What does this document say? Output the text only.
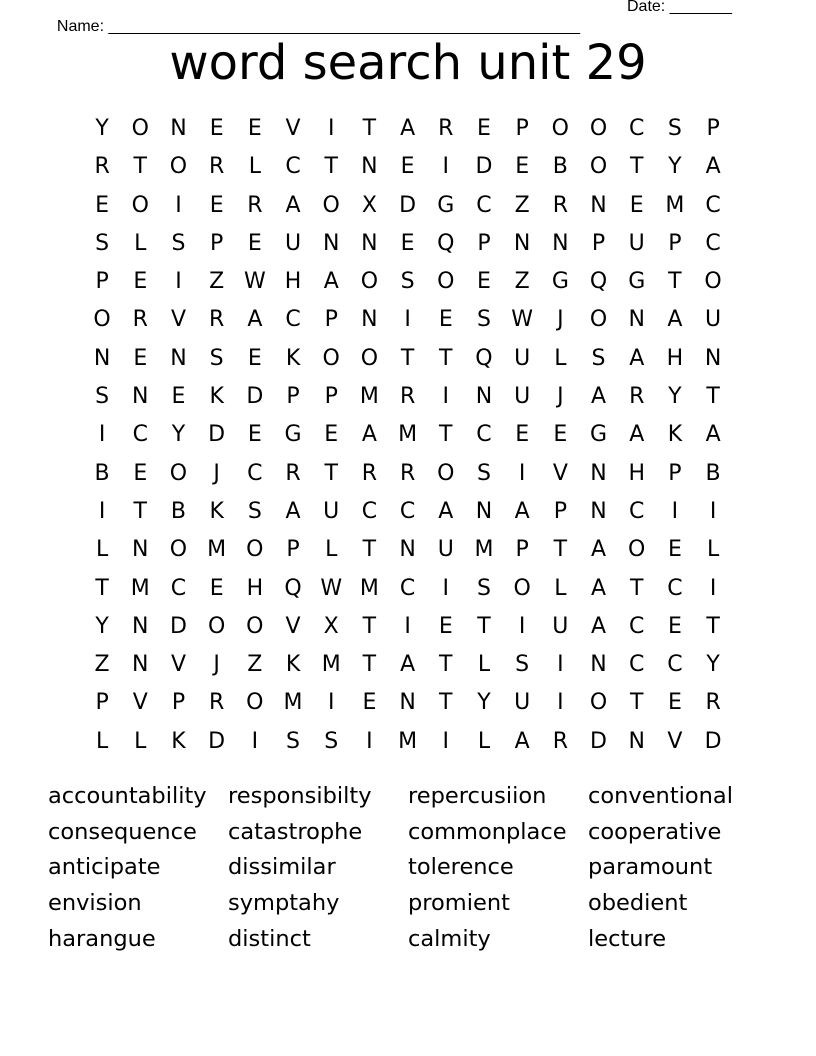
Name: _____________________________________________________

Date: _______

word search unit 29
Y	O N	E	E	V	I	T	A	R	E	P	O O C	S	P
R	T	O R	L	C	T	N	E	I	D	E	B O	T	Y	A
E	O	I	E	R	A O X	D G C	Z	R	N	E M C
S	L	S	P	E	U N N	E	Q	P	N N	P	U	P	C
P	E	I	Z W H	A O	S	O	E	Z	G Q G	T	O
O R	V	R	A	C	P	N	I	E	S W	J	O N	A	U
N	E	N	S	E	K	O O	T	T	Q U	L	S	A	H N
S	N	E	K	D	P	P	M R	I	N U	J	A	R	Y	T
I	C	Y	D	E	G	E	A M T	C	E	E	G	A	K	A
B	E	O	J	C	R	T	R	R O	S	I	V	N H	P	B
I	T	B	K	S	A	U	C	C	A	N	A	P	N	C	I	I
L	N O M O	P	L	T	N U M	P	T	A O	E	L
T M C	E	H Q W M C	I	S	O	L	A	T	C	I
Y	N D O O	V	X	T	I	E	T	I	U	A	C	E	T
Z	N	V	J	Z	K M T	A	T	L	S	I	N	C	C	Y
P	V	P	R O M	I	E	N	T	Y	U	I	O	T	E	R
L	L	K	D	I	S	S	I	M	I	L	A	R	D N	V	D
accountability responsibilty	repercusiion	conventional
consequence	catastrophe	commonplace cooperative
anticipate	dissimilar	tolerence	paramount
envision	symptahy	promient	obedient
harangue	distinct	calmity	lecture
